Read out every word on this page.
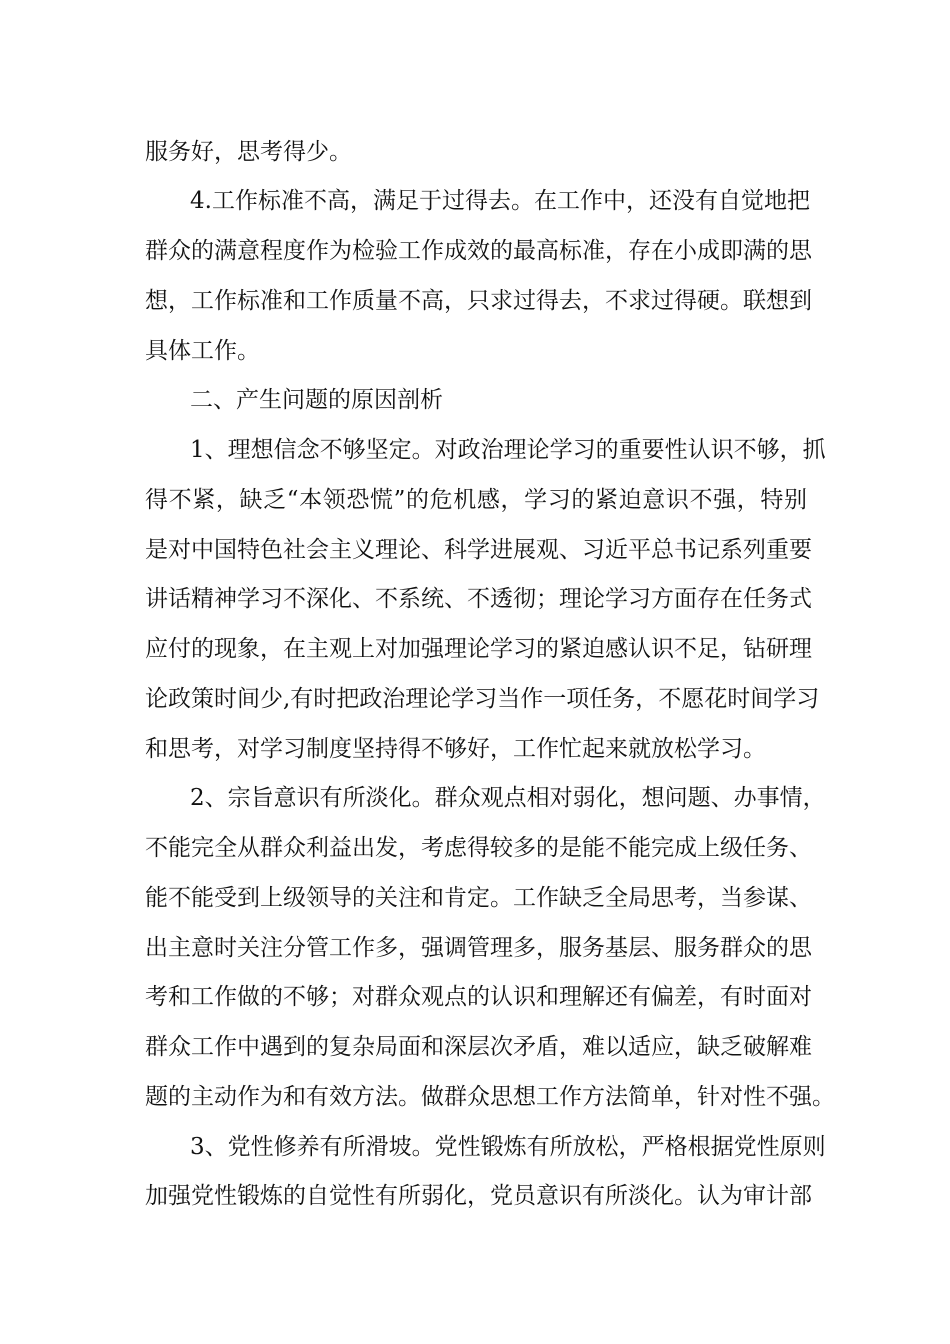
服务好，思考得少。
4.工作标准不高，满足于过得去。在工作中，还没有自觉地把
群众的满意程度作为检验工作成效的最高标准，存在小成即满的思
想，工作标准和工作质量不高，只求过得去，不求过得硬。联想到
具体工作。
二、产生问题的原因剖析
1、理想信念不够坚定。对政治理论学习的重要性认识不够，抓
得不紧，缺乏“本领恐慌”的危机感，学习的紧迫意识不强，特别
是对中国特色社会主义理论、科学进展观、习近平总书记系列重要
讲话精神学习不深化、不系统、不透彻；理论学习方面存在任务式
应付的现象，在主观上对加强理论学习的紧迫感认识不足，钻研理
论政策时间少,有时把政治理论学习当作一项任务，不愿花时间学习
和思考，对学习制度坚持得不够好，工作忙起来就放松学习。
2、宗旨意识有所淡化。群众观点相对弱化，想问题、办事情，
不能完全从群众利益出发，考虑得较多的是能不能完成上级任务、
能不能受到上级领导的关注和肯定。工作缺乏全局思考，当参谋、
出主意时关注分管工作多，强调管理多，服务基层、服务群众的思
考和工作做的不够；对群众观点的认识和理解还有偏差，有时面对
群众工作中遇到的复杂局面和深层次矛盾，难以适应，缺乏破解难
题的主动作为和有效方法。做群众思想工作方法简单，针对性不强。
3、党性修养有所滑坡。党性锻炼有所放松，严格根据党性原则
加强党性锻炼的自觉性有所弱化，党员意识有所淡化。认为审计部
